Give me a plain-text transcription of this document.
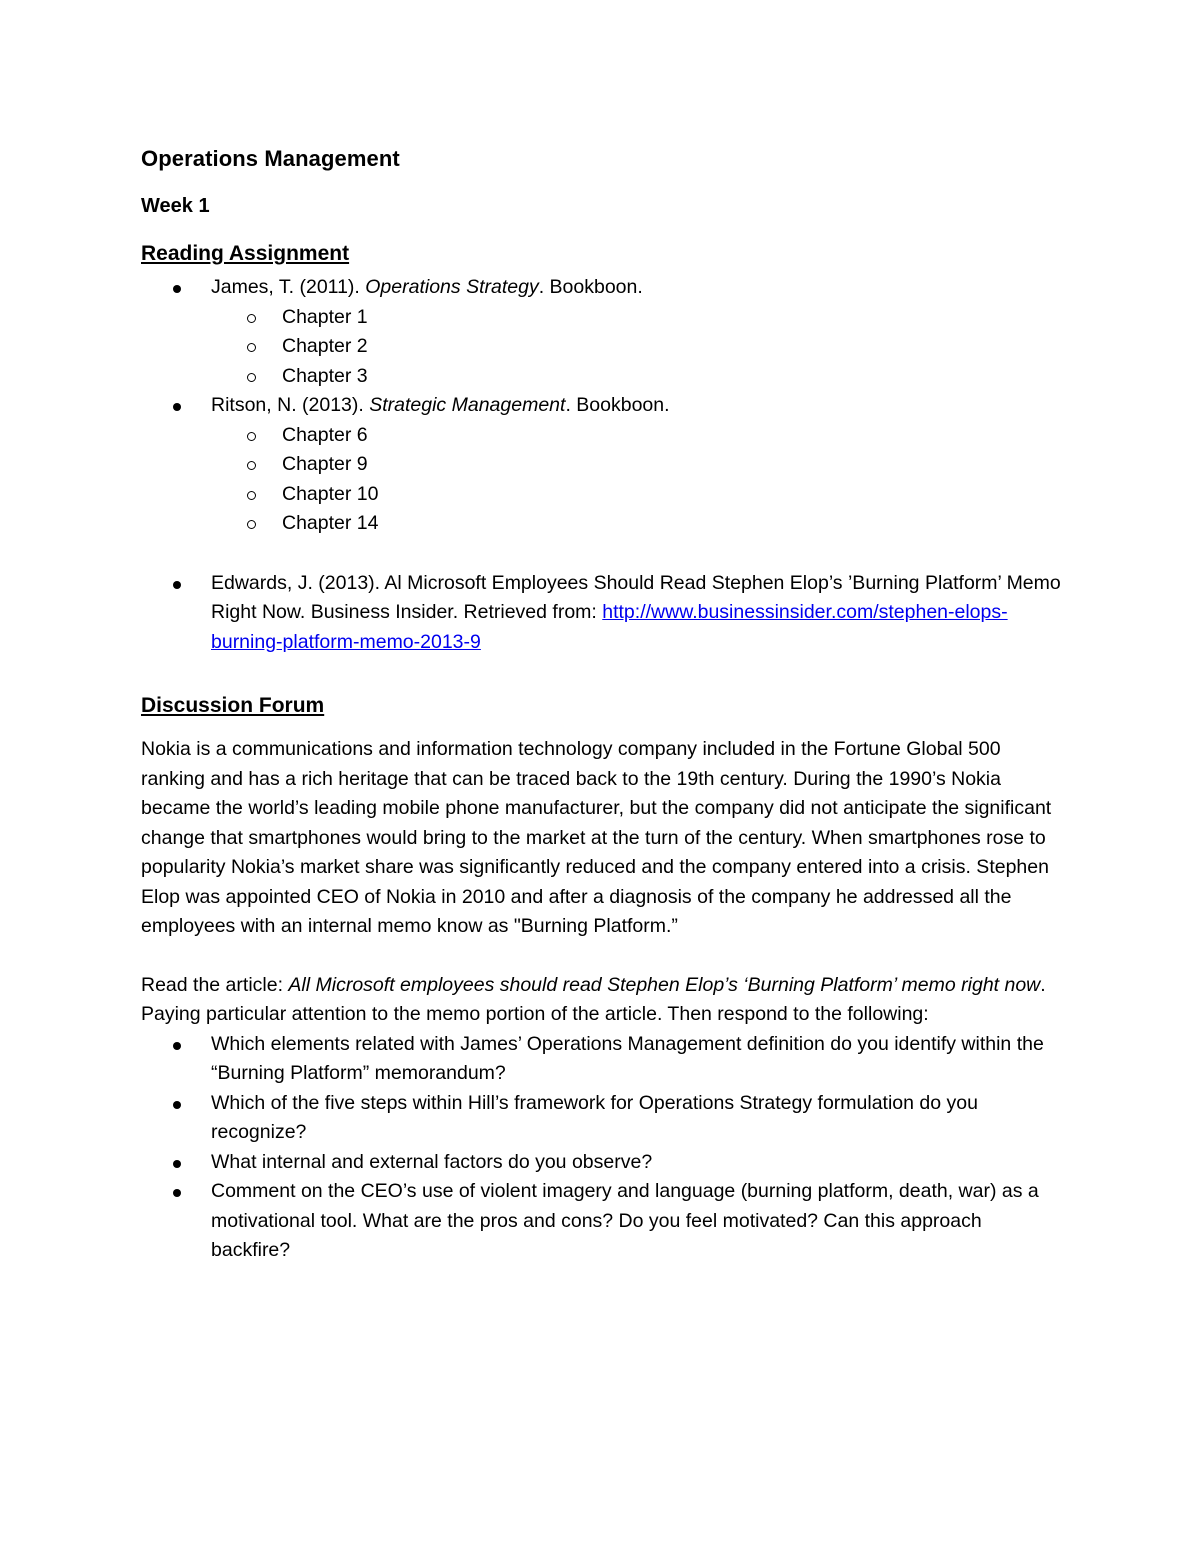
Operations Management
Week 1
Reading Assignment
James, T. (2011). Operations Strategy. Bookboon.
Chapter 1
Chapter 2
Chapter 3
Ritson, N. (2013). Strategic Management. Bookboon.
Chapter 6
Chapter 9
Chapter 10
Chapter 14
Edwards, J. (2013). Al Microsoft Employees Should Read Stephen Elop’s ’Burning Platform’ Memo Right Now. Business Insider. Retrieved from: http://www.businessinsider.com/stephen-elops-burning-platform-memo-2013-9
Discussion Forum

Nokia is a communications and information technology company included in the Fortune Global 500 ranking and has a rich heritage that can be traced back to the 19th century. During the 1990’s Nokia became the world’s leading mobile phone manufacturer, but the company did not anticipate the significant change that smartphones would bring to the market at the turn of the century. When smartphones rose to popularity Nokia’s market share was significantly reduced and the company entered into a crisis. Stephen Elop was appointed CEO of Nokia in 2010 and after a diagnosis of the company he addressed all the employees with an internal memo know as "Burning Platform.”

Read the article: All Microsoft employees should read Stephen Elop’s ‘Burning Platform’ memo right now. Paying particular attention to the memo portion of the article. Then respond to the following:

Which elements related with James’ Operations Management definition do you identify within the “Burning Platform” memorandum?
Which of the five steps within Hill’s framework for Operations Strategy formulation do you recognize?
What internal and external factors do you observe?
Comment on the CEO’s use of violent imagery and language (burning platform, death, war) as a motivational tool. What are the pros and cons? Do you feel motivated? Can this approach backfire?
